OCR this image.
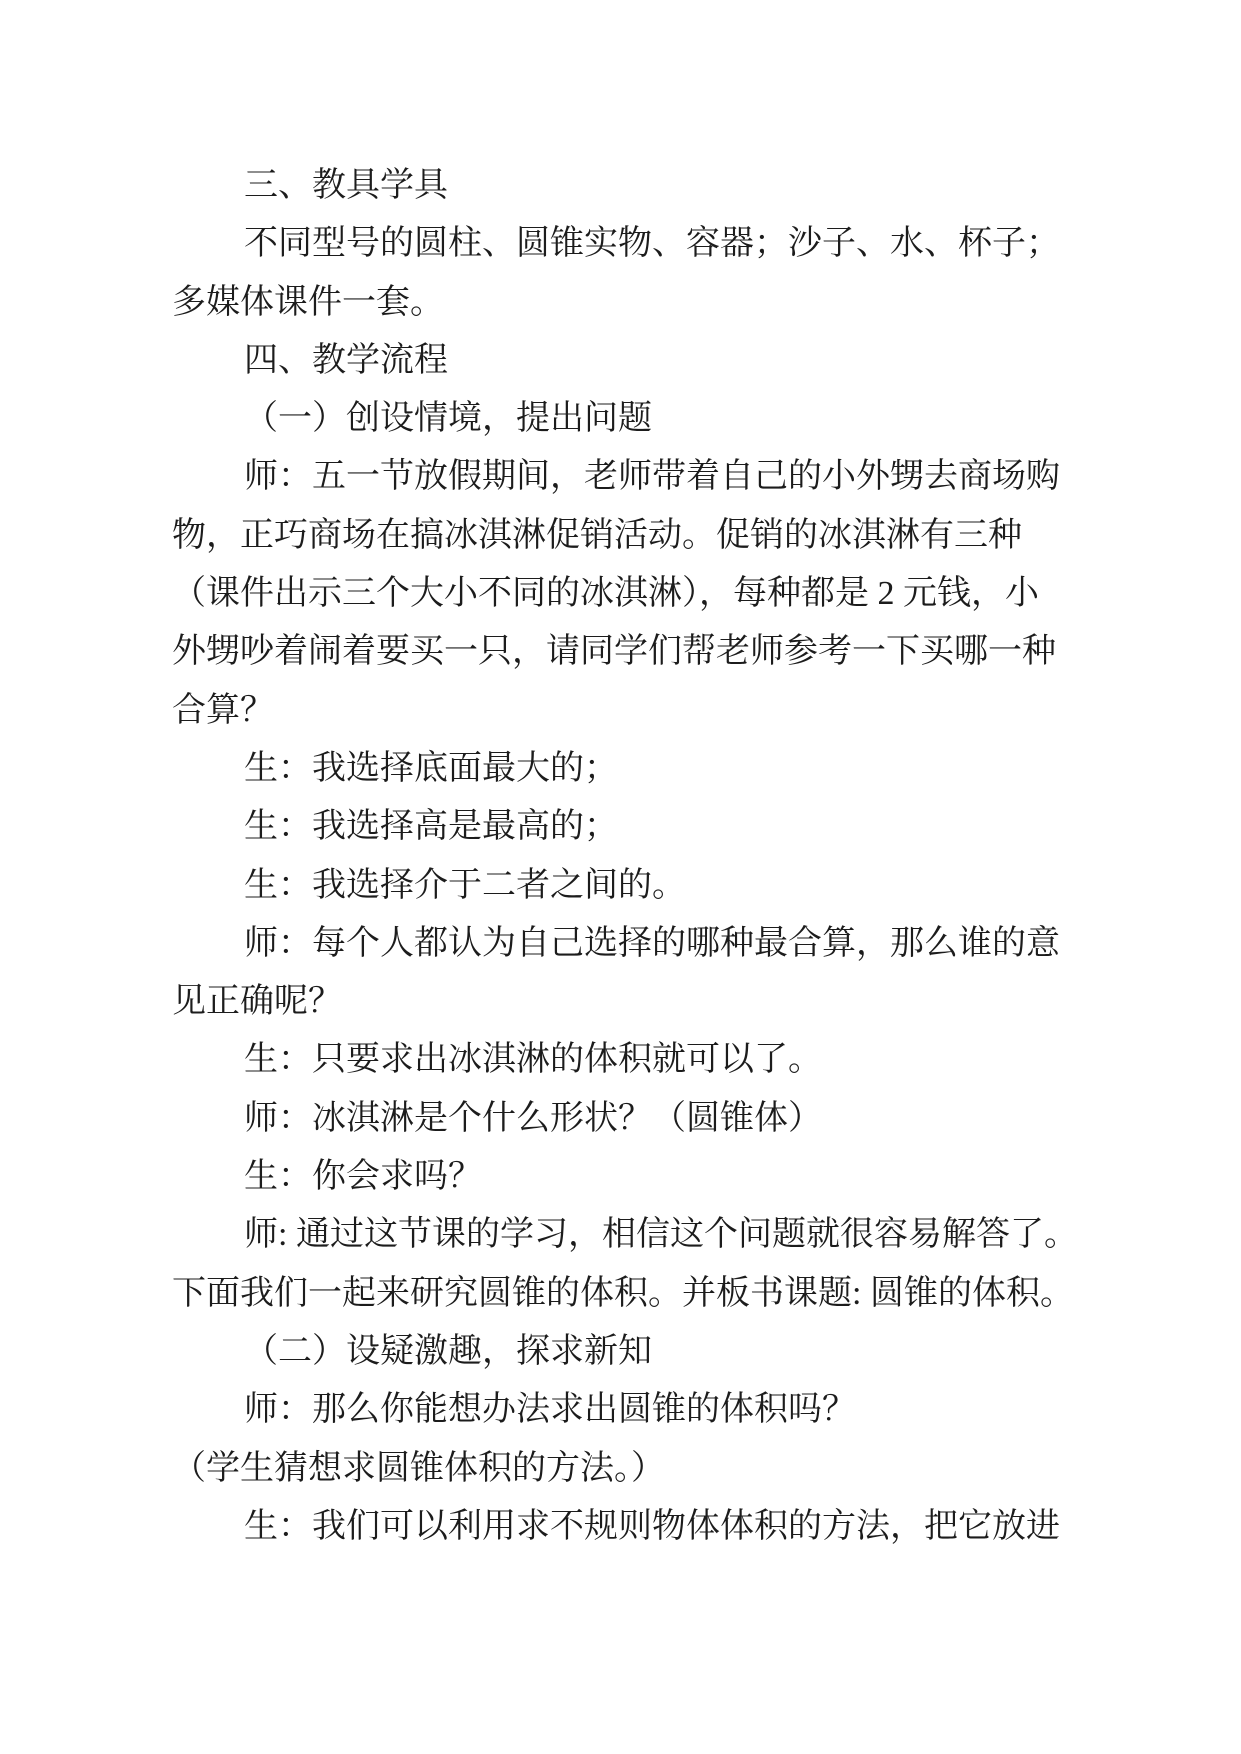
三、教具学具
不同型号的圆柱、圆锥实物、容器；沙子、水、杯子；
多媒体课件一套。
四、教学流程
（一）创设情境，提出问题
师：五一节放假期间，老师带着自己的小外甥去商场购
物，正巧商场在搞冰淇淋促销活动。促销的冰淇淋有三种
（课件出示三个大小不同的冰淇淋），每种都是 2 元钱，小
外甥吵着闹着要买一只，请同学们帮老师参考一下买哪一种
合算？
生：我选择底面最大的；
生：我选择高是最高的；
生：我选择介于二者之间的。
师：每个人都认为自己选择的哪种最合算，那么谁的意
见正确呢？
生：只要求出冰淇淋的体积就可以了。
师：冰淇淋是个什么形状？（圆锥体）
生：你会求吗？
师: 通过这节课的学习，相信这个问题就很容易解答了。
下面我们一起来研究圆锥的体积。并板书课题: 圆锥的体积。
（二）设疑激趣，探求新知
师：那么你能想办法求出圆锥的体积吗？
（学生猜想求圆锥体积的方法。）
生：我们可以利用求不规则物体体积的方法，把它放进
